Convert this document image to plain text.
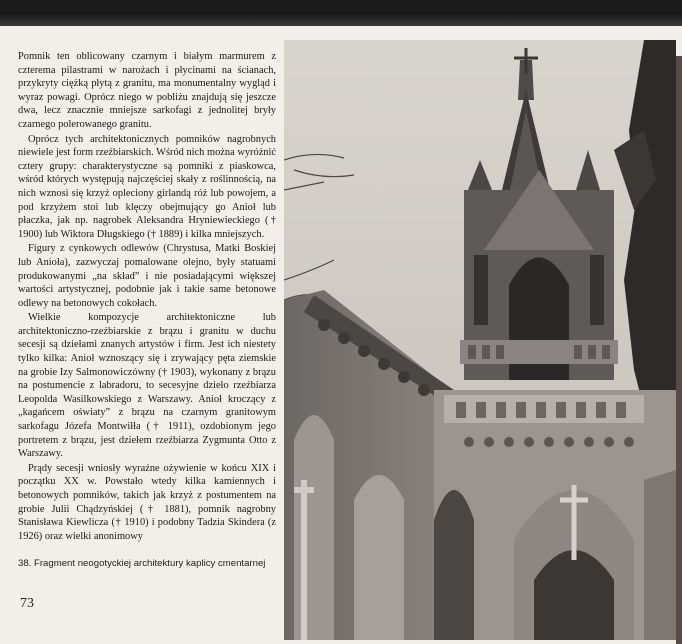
Pomnik ten oblicowany czarnym i białym marmurem z czterema pilastrami w narożach i płycinami na ścianach, przykryty ciężką płytą z granitu, ma monumentalny wygląd i wyraz powagi. Oprócz niego w pobliżu znajdują się jeszcze dwa, lecz znacznie mniejsze sarkofagi z jednolitej bryły czarnego polerowanego granitu.

Oprócz tych architektonicznych pomników nagrobnych niewiele jest form rzeźbiarskich. Wśród nich można wyróżnić cztery grupy: charakterystyczne są pomniki z piaskowca, wśród których występują najczęściej skały z roślinnością, na nich wznosi się krzyż opleciony girlandą róż lub powojem, a pod krzyżem stoi lub klęczy obejmujący go Anioł lub płaczka, jak np. nagrobek Aleksandra Hryniewieckiego († 1900) lub Wiktora Długskiego († 1889) i kilka mniejszych.

Figury z cynkowych odlewów (Chrystusa, Matki Boskiej lub Anioła), zazwyczaj pomalowane olejno, były statuami produkowanymi „na skład” i nie posiadającymi większej wartości artystycznej, podobnie jak i takie same betonowe odlewy na betonowych cokołach.

Wielkie kompozycje architektoniczne lub architektoniczno-rzeźbiarskie z brązu i granitu w duchu secesji są dziełami znanych artystów i firm. Jest ich niestety tylko kilka: Anioł wznoszący się i zrywający pęta ziemskie na grobie Izy Salmonowiczówny († 1903), wykonany z brązu na postumencie z labradoru, to secesyjne dzieło rzeźbiarza Leopolda Wasilkowskiego z Warszawy. Anioł kroczący z „kagańcem oświaty” z brązu na czarnym granitowym sarkofagu Józefa Montwiłła († 1911), ozdobionym jego portretem z brązu, jest dziełem rzeźbiarza Zygmunta Otto z Warszawy.

Prądy secesji wniosły wyraźne ożywienie w końcu XIX i początku XX w. Powstało wtedy kilka kamiennych i betonowych pomników, takich jak krzyż z postumentem na grobie Julii Chądzyńskiej († 1881), pomnik nagrobny Stanisława Kiewlicza († 1910) i podobny Tadzia Skindera (z 1926) oraz wielki anonimowy

38. Fragment neogotyckiej architektury kaplicy cmentarnej
73
